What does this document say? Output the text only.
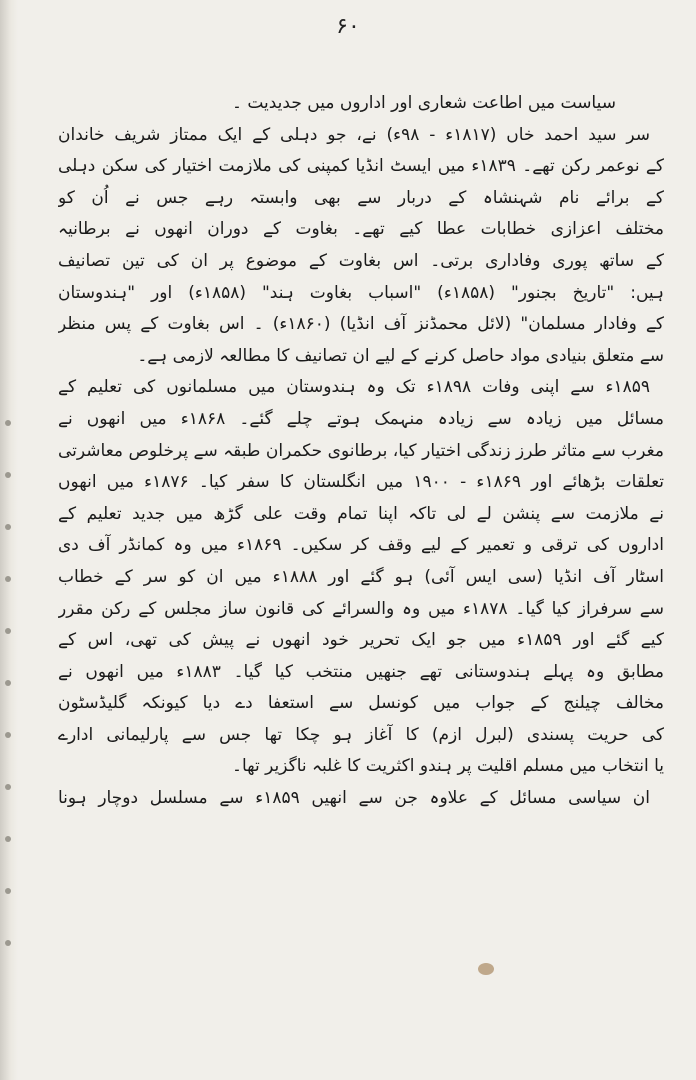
۶۰
سیاست میں اطاعت شعاری اور اداروں میں جدیدیت ۔
سر سید احمد خاں (۱۸۱۷ء - ۹۸ء) نے، جو دہلی کے ایک ممتاز شریف خاندان
کے نوعمر رکن تھے۔ ۱۸۳۹ء میں ایسٹ انڈیا کمپنی کی ملازمت اختیار کی سکن دہلی
کے برائے نام شہنشاہ کے دربار سے بھی وابستہ رہے جس نے اُن کو
مختلف اعزازی خطابات عطا کیے تھے۔ بغاوت کے دوران انھوں نے برطانیہ
کے ساتھ پوری وفاداری برتی۔ اس بغاوت کے موضوع پر ان کی تین تصانیف
ہیں: "تاریخ بجنور" (۱۸۵۸ء) "اسباب بغاوت ہند" (۱۸۵۸ء) اور "ہندوستان
کے وفادار مسلمان" (لائل محمڈنز آف انڈیا) (۱۸۶۰ء) ۔ اس بغاوت کے پس منظر
سے متعلق بنیادی مواد حاصل کرنے کے لیے ان تصانیف کا مطالعہ لازمی ہے۔
۱۸۵۹ء سے اپنی وفات ۱۸۹۸ء تک وہ ہندوستان میں مسلمانوں کی تعلیم کے
مسائل میں زیادہ سے زیادہ منہمک ہوتے چلے گئے۔ ۱۸۶۸ء میں انھوں نے
مغرب سے متاثر طرز زندگی اختیار کیا، برطانوی حکمران طبقہ سے پرخلوص معاشرتی
تعلقات بڑھائے اور ۱۸۶۹ء - ۱۹۰۰ میں انگلستان کا سفر کیا۔ ۱۸۷۶ء میں انھوں
نے ملازمت سے پنشن لے لی تاکہ اپنا تمام وقت علی گڑھ میں جدید تعلیم کے
اداروں کی ترقی و تعمیر کے لیے وقف کر سکیں۔ ۱۸۶۹ء میں وہ کمانڈر آف دی
اسٹار آف انڈیا (سی ایس آئی) ہو گئے اور ۱۸۸۸ء میں ان کو سر کے خطاب
سے سرفراز کیا گیا۔ ۱۸۷۸ء میں وہ والسرائے کی قانون ساز مجلس کے رکن مقرر
کیے گئے اور ۱۸۵۹ء میں جو ایک تحریر خود انھوں نے پیش کی تھی، اس کے
مطابق وہ پہلے ہندوستانی تھے جنھیں منتخب کیا گیا۔ ۱۸۸۳ء میں انھوں نے
مخالف چیلنج کے جواب میں کونسل سے استعفا دے دیا کیونکہ گلیڈسٹون
کی حریت پسندی (لبرل ازم) کا آغاز ہو چکا تھا جس سے پارلیمانی ادارے
یا انتخاب میں مسلم اقلیت پر ہندو اکثریت کا غلبہ ناگزیر تھا۔
ان سیاسی مسائل کے علاوہ جن سے انھیں ۱۸۵۹ء سے مسلسل دوچار ہونا
